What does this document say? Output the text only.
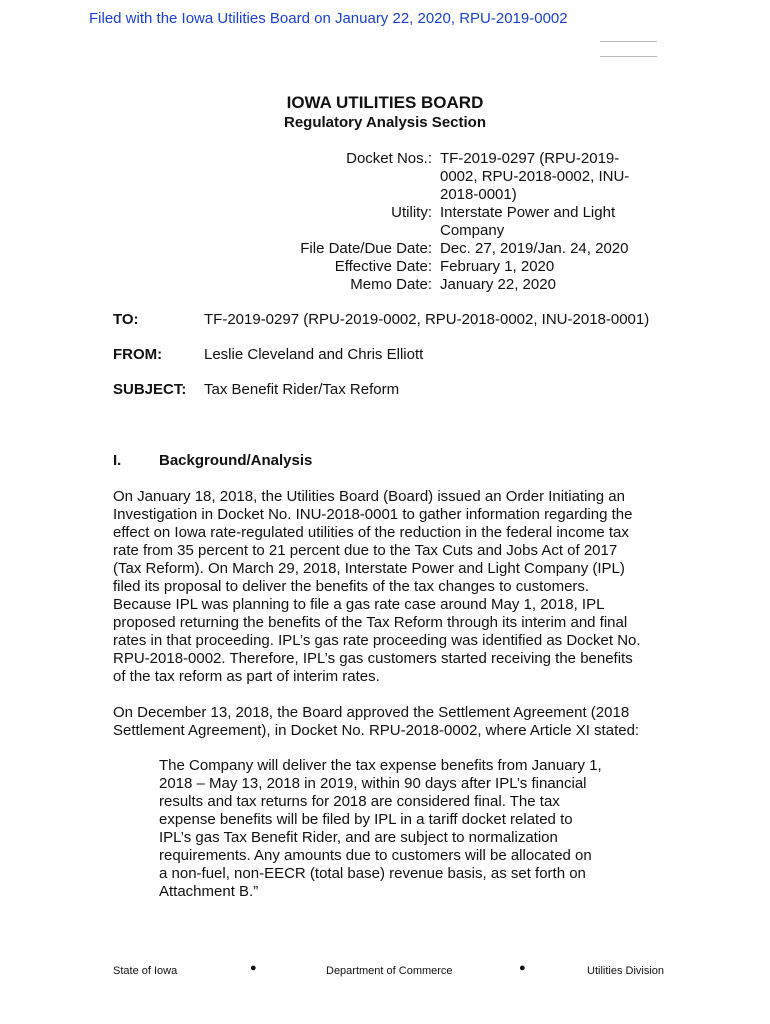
Filed with the Iowa Utilities Board on January 22, 2020, RPU-2019-0002
IOWA UTILITIES BOARD
Regulatory Analysis Section
Docket Nos.: TF-2019-0297 (RPU-2019-0002, RPU-2018-0002, INU-2018-0001)
Utility: Interstate Power and Light Company
File Date/Due Date: Dec. 27, 2019/Jan. 24, 2020
Effective Date: February 1, 2020
Memo Date: January 22, 2020
TO:	TF-2019-0297 (RPU-2019-0002, RPU-2018-0002, INU-2018-0001)
FROM:	Leslie Cleveland and Chris Elliott
SUBJECT: Tax Benefit Rider/Tax Reform
I.	Background/Analysis
On January 18, 2018, the Utilities Board (Board) issued an Order Initiating an Investigation in Docket No. INU-2018-0001 to gather information regarding the effect on Iowa rate-regulated utilities of the reduction in the federal income tax rate from 35 percent to 21 percent due to the Tax Cuts and Jobs Act of 2017 (Tax Reform). On March 29, 2018, Interstate Power and Light Company (IPL) filed its proposal to deliver the benefits of the tax changes to customers. Because IPL was planning to file a gas rate case around May 1, 2018, IPL proposed returning the benefits of the Tax Reform through its interim and final rates in that proceeding. IPL’s gas rate proceeding was identified as Docket No. RPU-2018-0002. Therefore, IPL’s gas customers started receiving the benefits of the tax reform as part of interim rates.
On December 13, 2018, the Board approved the Settlement Agreement (2018 Settlement Agreement), in Docket No. RPU-2018-0002, where Article XI stated:
The Company will deliver the tax expense benefits from January 1, 2018 – May 13, 2018 in 2019, within 90 days after IPL’s financial results and tax returns for 2018 are considered final. The tax expense benefits will be filed by IPL in a tariff docket related to IPL’s gas Tax Benefit Rider, and are subject to normalization requirements. Any amounts due to customers will be allocated on a non-fuel, non-EECR (total base) revenue basis, as set forth on Attachment B.”
State of Iowa	●	Department of Commerce	●	Utilities Division
